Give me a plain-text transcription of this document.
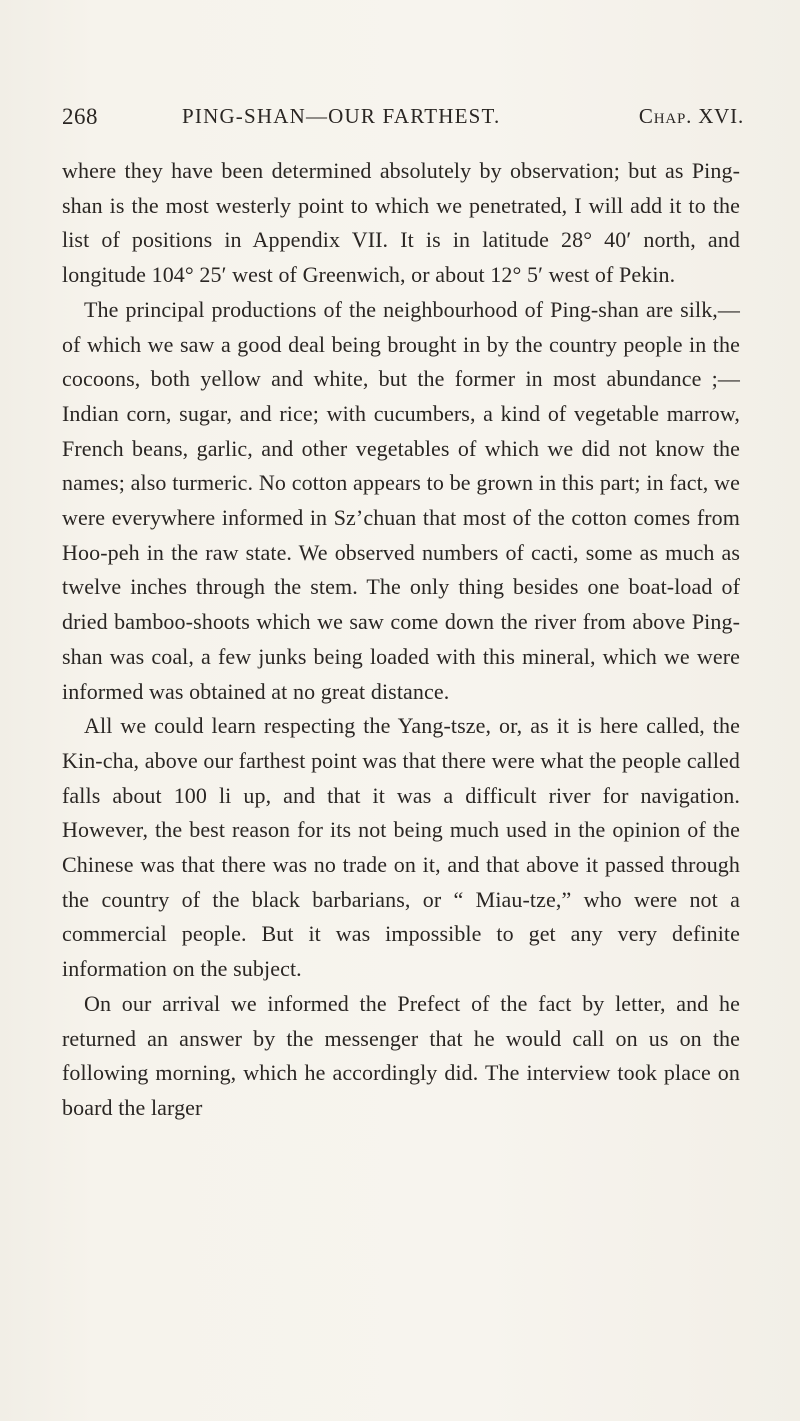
268	PING-SHAN—OUR FARTHEST.	Chap. XVI.

where they have been determined absolutely by observation; but as Ping-shan is the most westerly point to which we penetrated, I will add it to the list of positions in Appendix VII. It is in latitude 28° 40′ north, and longitude 104° 25′ west of Greenwich, or about 12° 5′ west of Pekin.

The principal productions of the neighbourhood of Ping-shan are silk,—of which we saw a good deal being brought in by the country people in the cocoons, both yellow and white, but the former in most abundance ;—Indian corn, sugar, and rice; with cucumbers, a kind of vegetable marrow, French beans, garlic, and other vegetables of which we did not know the names; also turmeric. No cotton appears to be grown in this part; in fact, we were everywhere informed in Sz’chuan that most of the cotton comes from Hoo-peh in the raw state. We observed numbers of cacti, some as much as twelve inches through the stem. The only thing besides one boat-load of dried bamboo-shoots which we saw come down the river from above Ping-shan was coal, a few junks being loaded with this mineral, which we were informed was obtained at no great distance.

All we could learn respecting the Yang-tsze, or, as it is here called, the Kin-cha, above our farthest point was that there were what the people called falls about 100 li up, and that it was a difficult river for navigation. However, the best reason for its not being much used in the opinion of the Chinese was that there was no trade on it, and that above it passed through the country of the black barbarians, or “ Miau-tze,” who were not a commercial people. But it was impossible to get any very definite information on the subject.

On our arrival we informed the Prefect of the fact by letter, and he returned an answer by the messenger that he would call on us on the following morning, which he accordingly did. The interview took place on board the larger
